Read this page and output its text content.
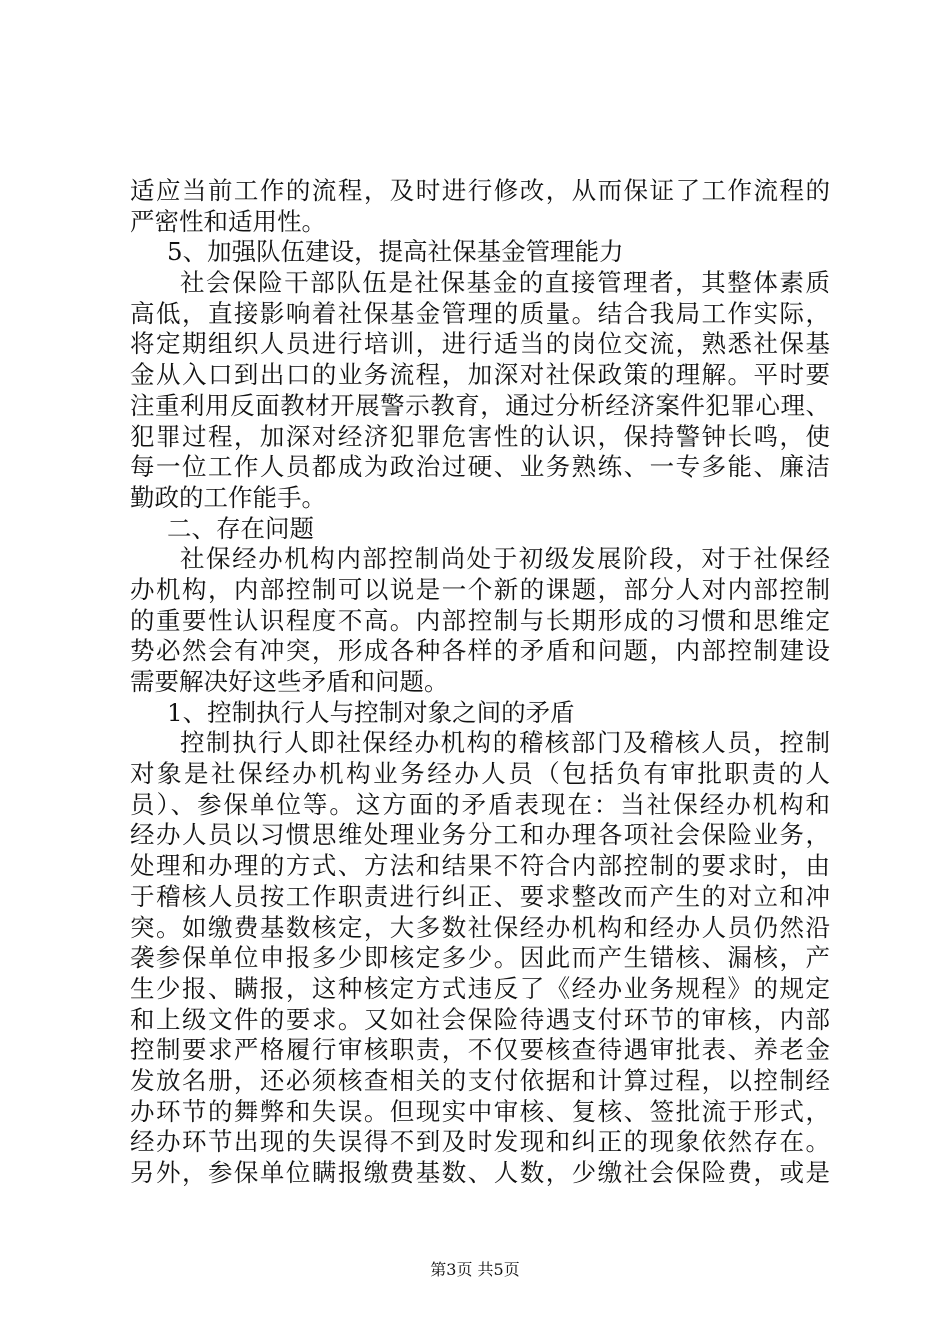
适应当前工作的流程，及时进行修改，从而保证了工作流程的
严密性和适用性。
5、加强队伍建设，提高社保基金管理能力
社会保险干部队伍是社保基金的直接管理者，其整体素质
高低，直接影响着社保基金管理的质量。结合我局工作实际，
将定期组织人员进行培训，进行适当的岗位交流，熟悉社保基
金从入口到出口的业务流程，加深对社保政策的理解。平时要
注重利用反面教材开展警示教育，通过分析经济案件犯罪心理、
犯罪过程，加深对经济犯罪危害性的认识，保持警钟长鸣，使
每一位工作人员都成为政治过硬、业务熟练、一专多能、廉洁
勤政的工作能手。
二、存在问题
社保经办机构内部控制尚处于初级发展阶段，对于社保经
办机构，内部控制可以说是一个新的课题，部分人对内部控制
的重要性认识程度不高。内部控制与长期形成的习惯和思维定
势必然会有冲突，形成各种各样的矛盾和问题，内部控制建设
需要解决好这些矛盾和问题。
1、控制执行人与控制对象之间的矛盾
控制执行人即社保经办机构的稽核部门及稽核人员，控制
对象是社保经办机构业务经办人员（包括负有审批职责的人
员）、参保单位等。这方面的矛盾表现在：当社保经办机构和
经办人员以习惯思维处理业务分工和办理各项社会保险业务，
处理和办理的方式、方法和结果不符合内部控制的要求时，由
于稽核人员按工作职责进行纠正、要求整改而产生的对立和冲
突。如缴费基数核定，大多数社保经办机构和经办人员仍然沿
袭参保单位申报多少即核定多少。因此而产生错核、漏核，产
生少报、瞒报，这种核定方式违反了《经办业务规程》的规定
和上级文件的要求。又如社会保险待遇支付环节的审核，内部
控制要求严格履行审核职责，不仅要核查待遇审批表、养老金
发放名册，还必须核查相关的支付依据和计算过程，以控制经
办环节的舞弊和失误。但现实中审核、复核、签批流于形式，
经办环节出现的失误得不到及时发现和纠正的现象依然存在。
另外，参保单位瞒报缴费基数、人数，少缴社会保险费，或是
第3页 共5页
